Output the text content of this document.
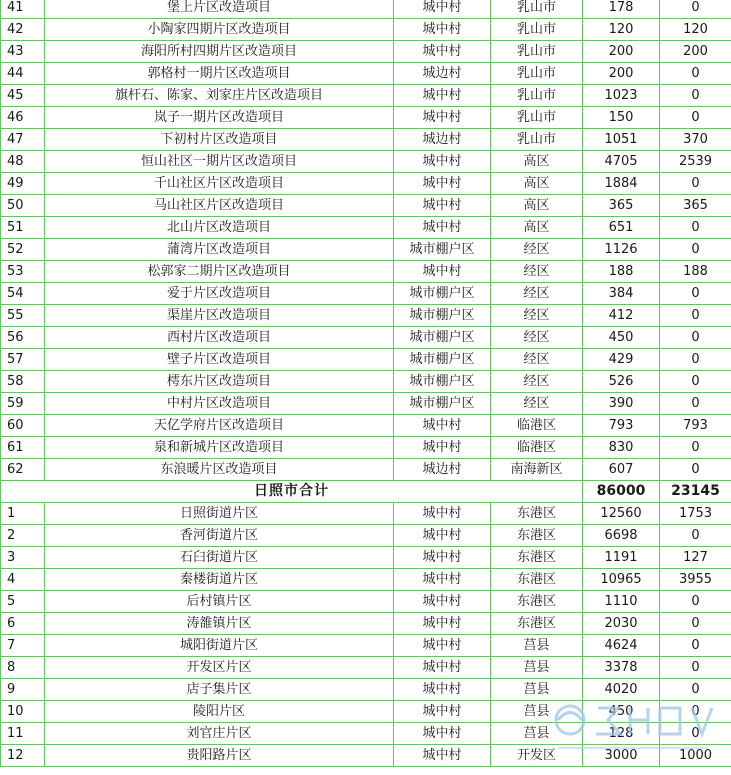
41	堡上片区改造项目	城中村	乳山市	178	0
42	小陶家四期片区改造项目	城中村	乳山市	120	120
43	海阳所村四期片区改造项目	城中村	乳山市	200	200
44	郭格村一期片区改造项目	城边村	乳山市	200	0
45	旗杆石、陈家、刘家庄片区改造项目	城中村	乳山市	1023	0
46	岚子一期片区改造项目	城中村	乳山市	150	0
47	下初村片区改造项目	城边村	乳山市	1051	370
48	恒山社区一期片区改造项目	城中村	高区	4705	2539
49	千山社区片区改造项目	城中村	高区	1884	0
50	马山社区片区改造项目	城中村	高区	365	365
51	北山片区改造项目	城中村	高区	651	0
52	蒲湾片区改造项目	城市棚户区	经区	1126	0
53	松郭家二期片区改造项目	城中村	经区	188	188
54	爱于片区改造项目	城市棚户区	经区	384	0
55	渠崖片区改造项目	城市棚户区	经区	412	0
56	西村片区改造项目	城市棚户区	经区	450	0
57	壁子片区改造项目	城市棚户区	经区	429	0
58	樗东片区改造项目	城市棚户区	经区	526	0
59	中村片区改造项目	城市棚户区	经区	390	0
60	天亿学府片区改造项目	城中村	临港区	793	793
61	泉和新城片区改造项目	城中村	临港区	830	0
62	东浪暖片区改造项目	城边村	南海新区	607	0
日照市合计				86000	23145
1	日照街道片区	城中村	东港区	12560	1753
2	香河街道片区	城中村	东港区	6698	0
3	石臼街道片区	城中村	东港区	1191	127
4	秦楼街道片区	城中村	东港区	10965	3955
5	后村镇片区	城中村	东港区	1110	0
6	涛雒镇片区	城中村	东港区	2030	0
7	城阳街道片区	城中村	莒县	4624	0
8	开发区片区	城中村	莒县	3378	0
9	店子集片区	城中村	莒县	4020	0
10	陵阳片区	城中村	莒县	450	0
11	刘官庄片区	城中村	莒县	128	0
12	贵阳路片区	城中村	开发区	3000	1000
